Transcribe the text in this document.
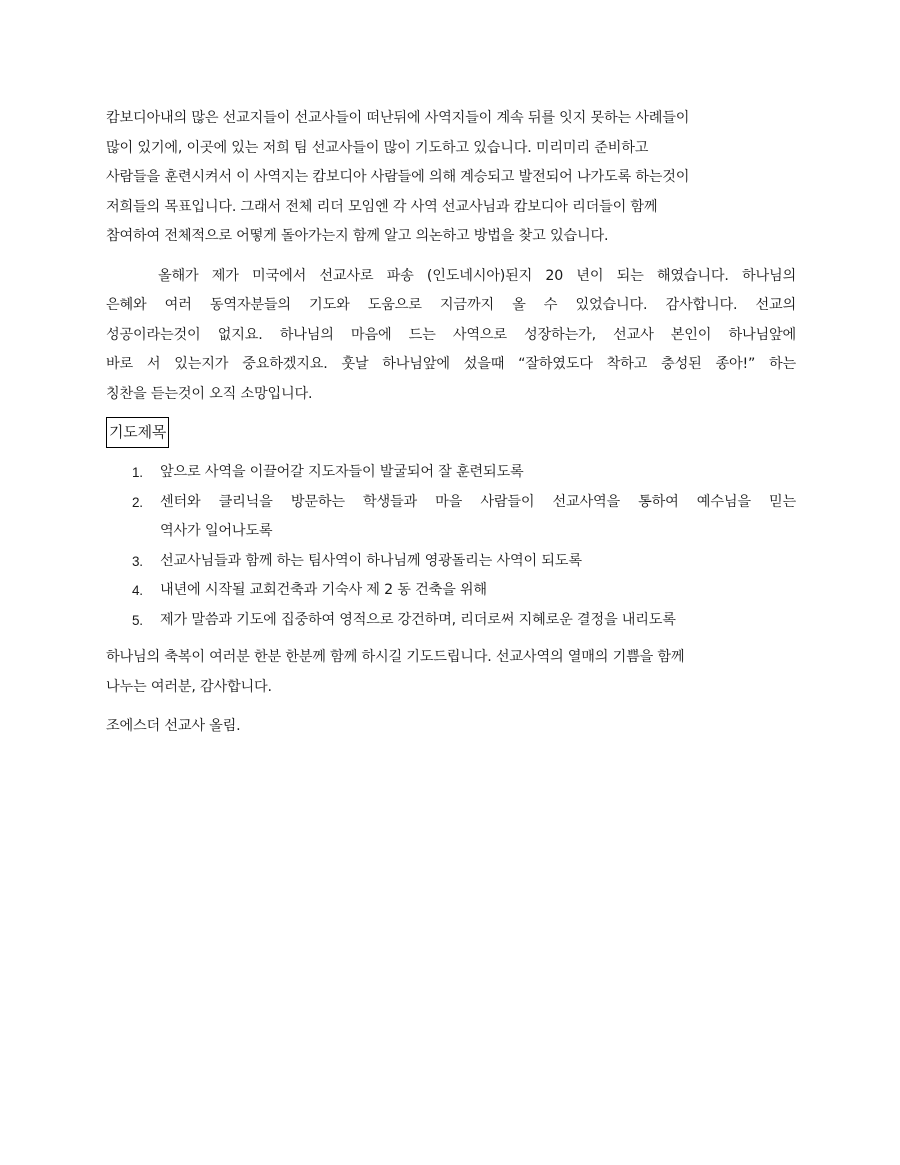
캄보디아내의 많은 선교지들이 선교사들이 떠난뒤에 사역지들이 계속 뒤를 잇지 못하는 사례들이
많이 있기에, 이곳에 있는 저희 팀 선교사들이 많이 기도하고 있습니다. 미리미리 준비하고
사람들을 훈련시켜서 이 사역지는 캄보디아 사람들에 의해 계승되고 발전되어 나가도록 하는것이
저희들의 목표입니다. 그래서 전체 리더 모임엔 각 사역 선교사님과 캄보디아 리더들이 함께
참여하여 전체적으로 어떻게 돌아가는지 함께 알고 의논하고 방법을 찾고 있습니다.
올해가 제가 미국에서 선교사로 파송 (인도네시아)된지 20 년이 되는 해였습니다. 하나님의
은혜와 여러 동역자분들의 기도와 도움으로 지금까지 올 수 있었습니다. 감사합니다. 선교의
성공이라는것이 없지요. 하나님의 마음에 드는 사역으로 성장하는가, 선교사 본인이 하나님앞에
바로 서 있는지가 중요하겠지요. 훗날 하나님앞에 섰을때 “잘하였도다 착하고 충성된 종아!” 하는
칭찬을 듣는것이 오직 소망입니다.
기도제목
1. 앞으로 사역을 이끌어갈 지도자들이 발굴되어 잘 훈련되도록
2. 센터와 클리닉을 방문하는 학생들과 마을 사람들이 선교사역을 통하여 예수님을 믿는
역사가 일어나도록
3. 선교사님들과 함께 하는 팀사역이 하나님께 영광돌리는 사역이 되도록
4. 내년에 시작될 교회건축과 기숙사 제 2 동 건축을 위해
5. 제가 말씀과 기도에 집중하여 영적으로 강건하며, 리더로써 지혜로운 결정을 내리도록
하나님의 축복이 여러분 한분 한분께 함께 하시길 기도드립니다. 선교사역의 열매의 기쁨을 함께
나누는 여러분, 감사합니다.
조에스더 선교사 올림.
